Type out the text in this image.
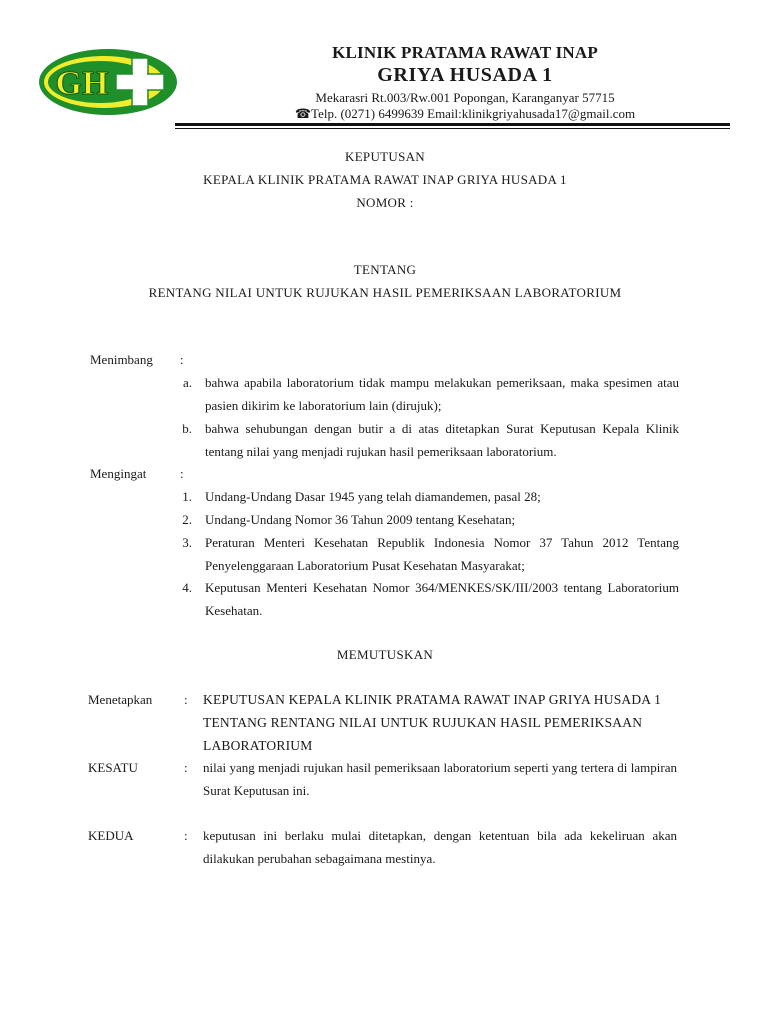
GH
KLINIK PRATAMA RAWAT INAP
GRIYA HUSADA 1
Mekarasri Rt.003/Rw.001 Popongan, Karanganyar 57715
☎Telp. (0271) 6499639 Email:klinikgriyahusada17@gmail.com
KEPUTUSAN
KEPALA KLINIK PRATAMA RAWAT INAP GRIYA HUSADA 1
NOMOR :
TENTANG
RENTANG NILAI UNTUK RUJUKAN HASIL PEMERIKSAAN LABORATORIUM
Menimbang :
a. bahwa apabila laboratorium tidak mampu melakukan pemeriksaan, maka spesimen atau pasien dikirim ke laboratorium lain (dirujuk);

b. bahwa sehubungan dengan butir a di atas ditetapkan Surat Keputusan Kepala Klinik tentang nilai yang menjadi rujukan hasil pemeriksaan laboratorium.

Mengingat	:
1. Undang-Undang Dasar 1945 yang telah diamandemen, pasal 28;

2. Undang-Undang Nomor 36 Tahun 2009 tentang Kesehatan;

3. Peraturan Menteri Kesehatan Republik Indonesia Nomor 37 Tahun 2012 Tentang Penyelenggaraan Laboratorium Pusat Kesehatan Masyarakat;

4. Keputusan Menteri Kesehatan Nomor 364/MENKES/SK/III/2003 tentang Laboratorium Kesehatan.

MEMUTUSKAN
Menetapkan : KEPUTUSAN KEPALA KLINIK PRATAMA RAWAT INAP GRIYA HUSADA 1 TENTANG RENTANG NILAI UNTUK RUJUKAN HASIL PEMERIKSAAN LABORATORIUM

KESATU	: nilai yang menjadi rujukan hasil pemeriksaan laboratorium seperti yang tertera di lampiran Surat Keputusan ini.

KEDUA	: keputusan ini berlaku mulai ditetapkan, dengan ketentuan bila ada kekeliruan akan dilakukan perubahan sebagaimana mestinya.
